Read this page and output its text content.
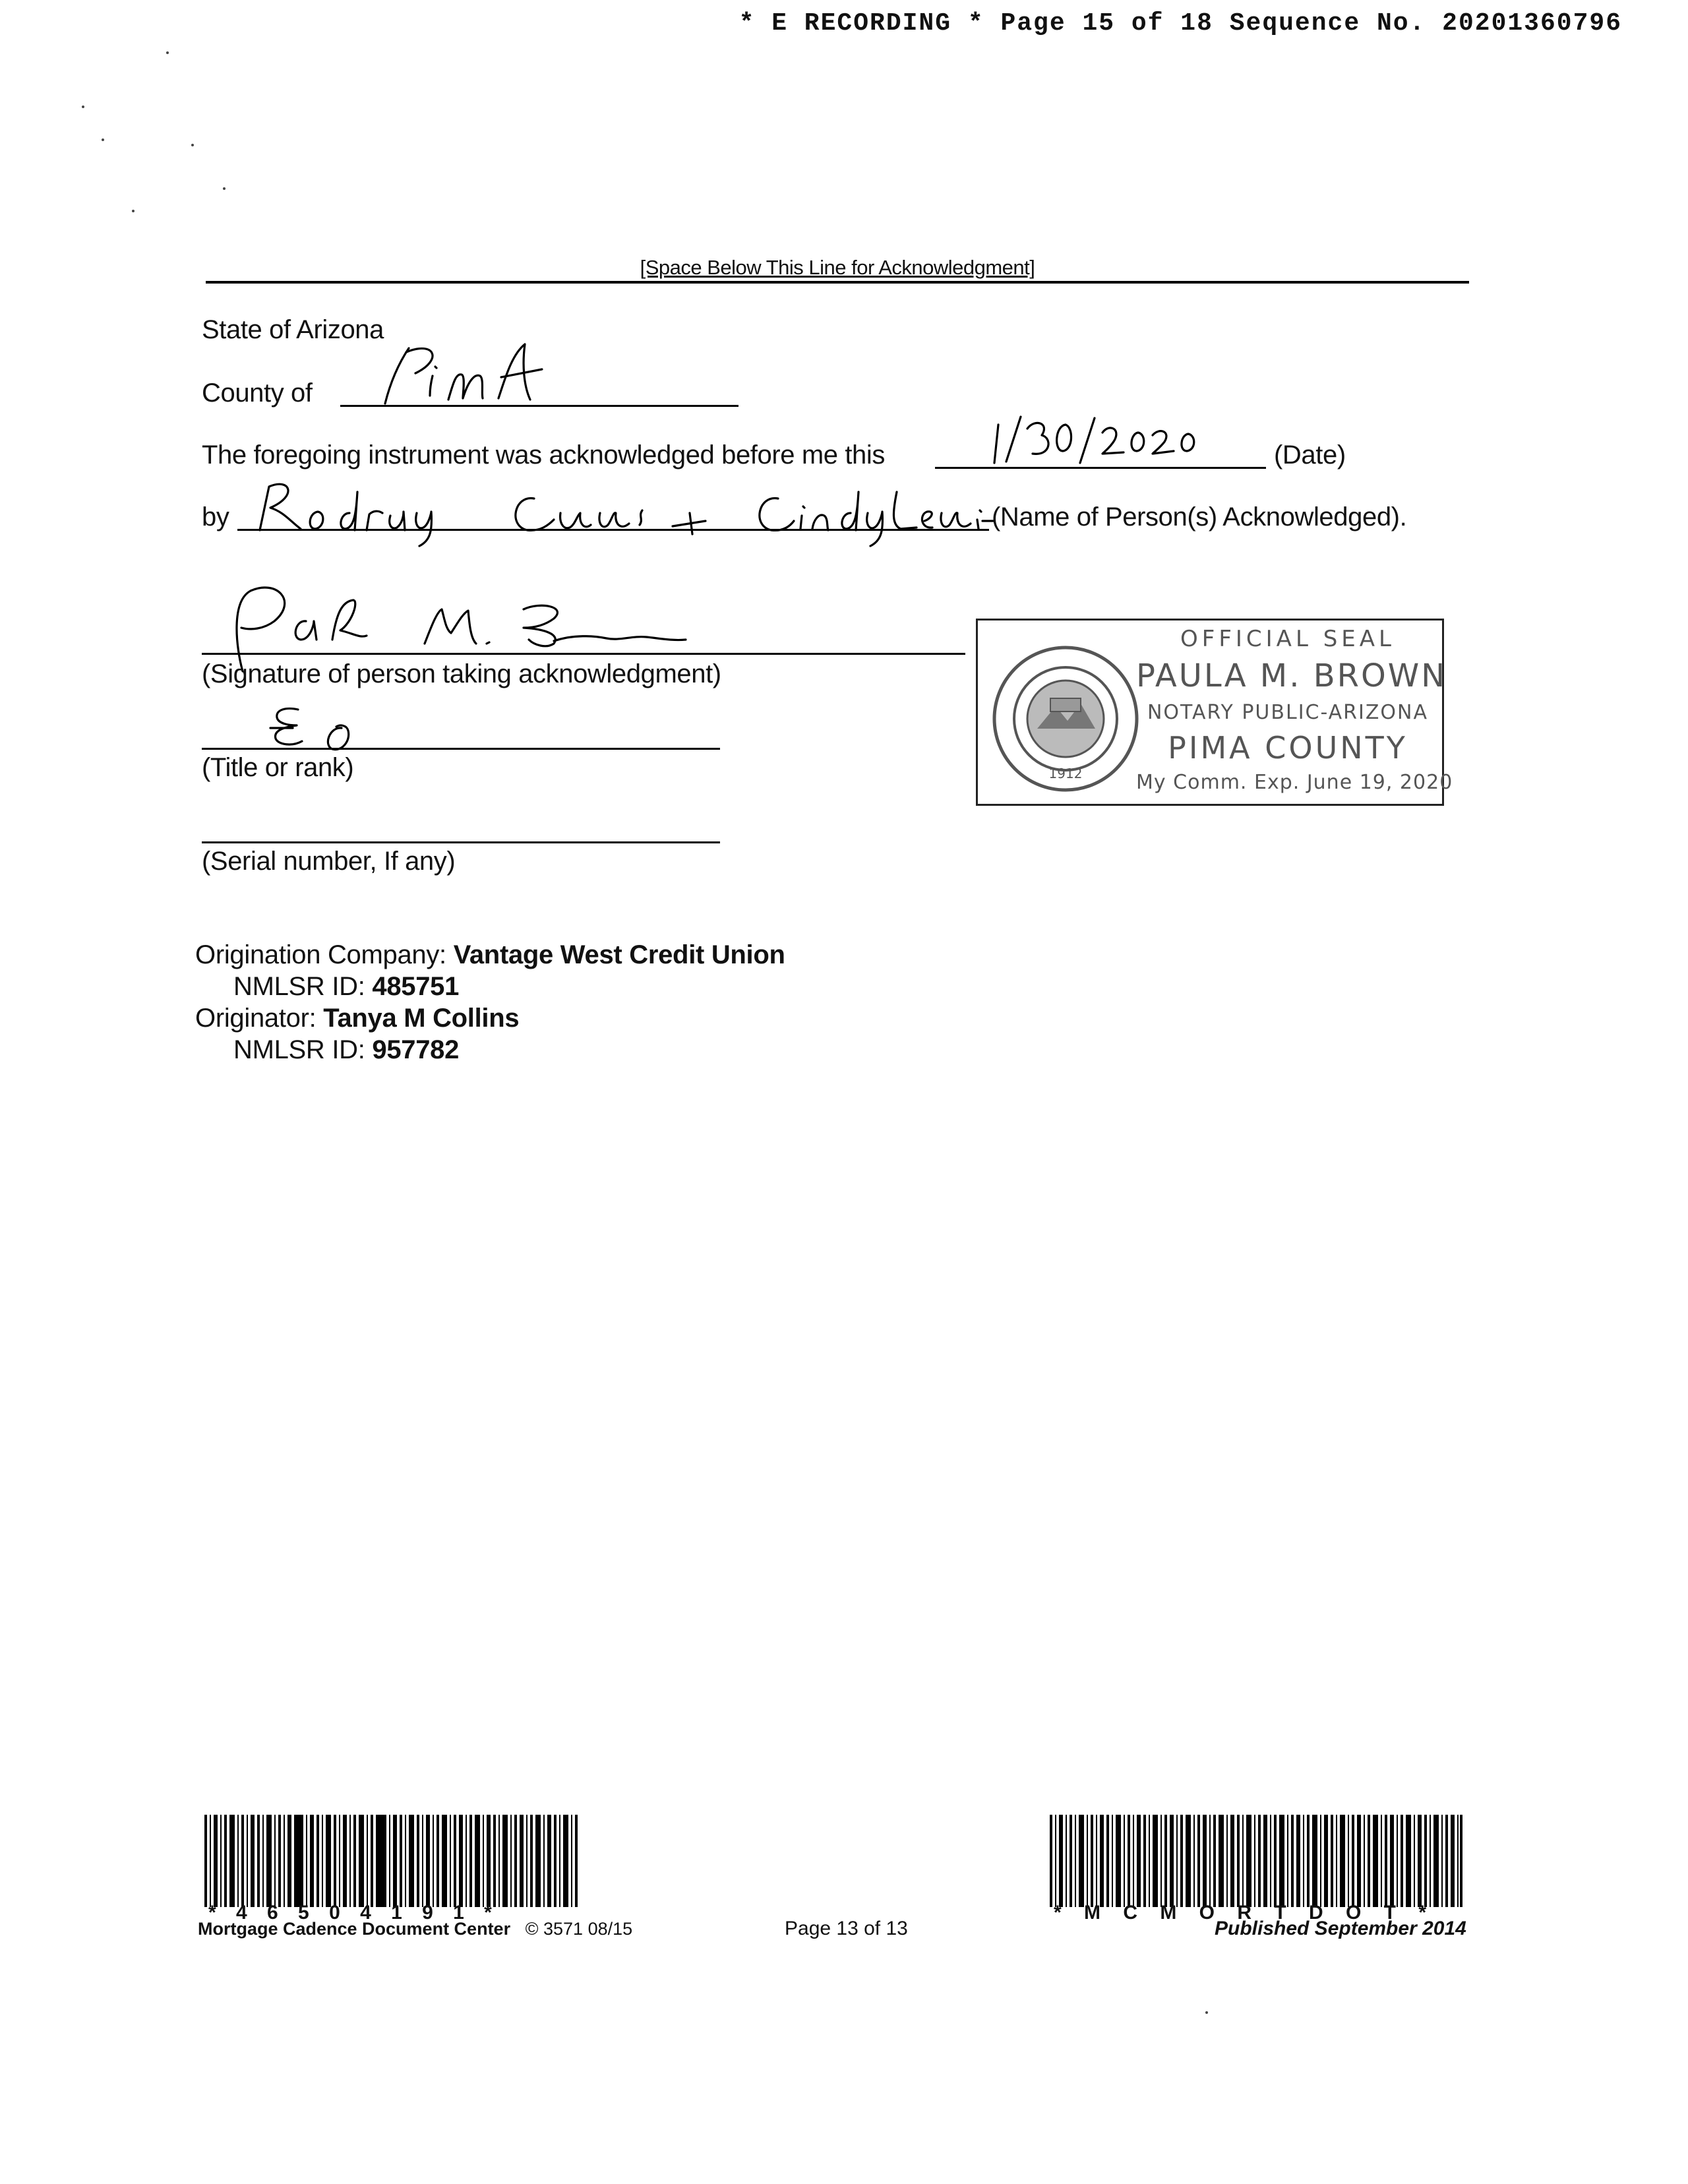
* E RECORDING * Page 15 of 18 Sequence No. 20201360796
[Space Below This Line for Acknowledgment]
State of Arizona
County of
The foregoing instrument was acknowledged before me this	(Date)
by	(Name of Person(s) Acknowledged).
(Signature of person taking acknowledgment)
(Title or rank)
(Serial number, If any)
1912
OFFICIAL SEAL
PAULA M. BROWN
NOTARY PUBLIC-ARIZONA
PIMA COUNTY
My Comm. Exp. June 19, 2020
Origination Company: Vantage West Credit Union
NMLSR ID: 485751
Originator: Tanya M Collins
NMLSR ID: 957782
* 4 6 5 0 4 1 9 1 *
Mortgage Cadence Document Center © 3571 08/15	Page 13 of 13
* M C M O R T D O T *
Published September 2014
